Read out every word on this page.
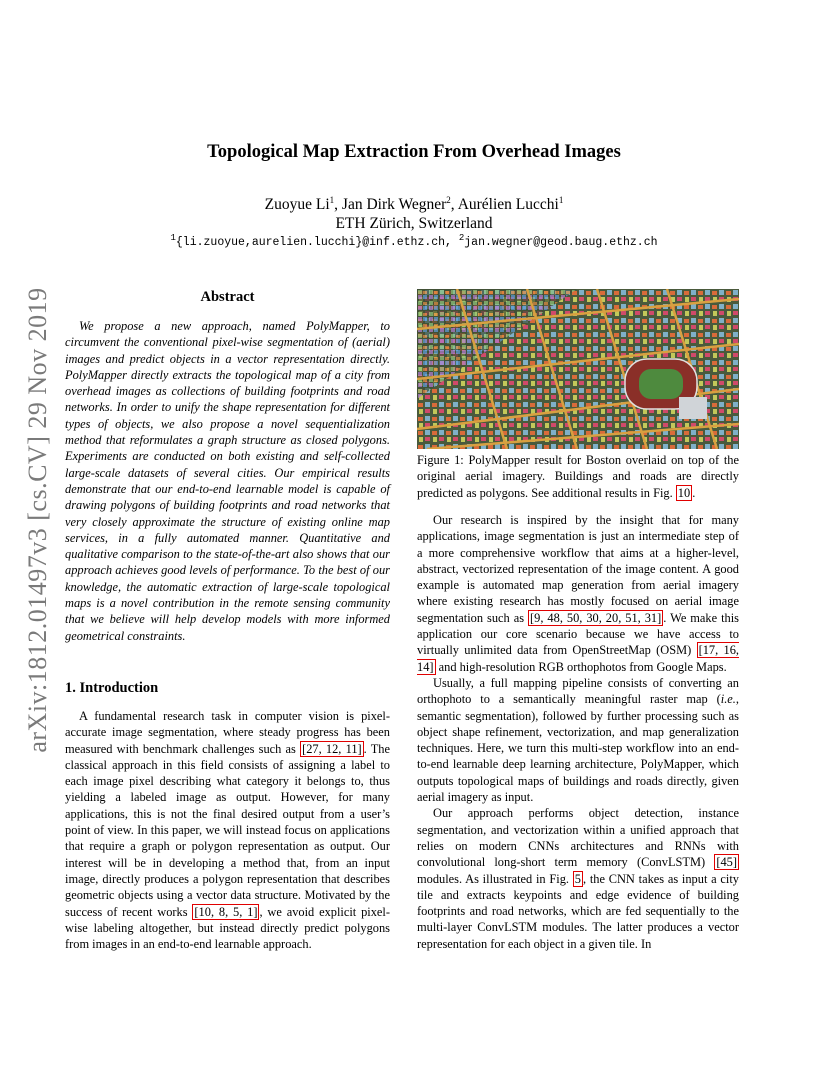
arXiv:1812.01497v3 [cs.CV] 29 Nov 2019
Topological Map Extraction From Overhead Images
Zuoyue Li$^1$, Jan Dirk Wegner$^2$, Aurélien Lucchi$^1$
ETH Zürich, Switzerland
$^1${li.zuoyue,aurelien.lucchi}@inf.ethz.ch, $^2$jan.wegner@geod.baug.ethz.ch
Abstract
We propose a new approach, named PolyMapper, to circumvent the conventional pixel-wise segmentation of (aerial) images and predict objects in a vector representation directly. PolyMapper directly extracts the topological map of a city from overhead images as collections of building footprints and road networks. In order to unify the shape representation for different types of objects, we also propose a novel sequentialization method that reformulates a graph structure as closed polygons. Experiments are conducted on both existing and self-collected large-scale datasets of several cities. Our empirical results demonstrate that our end-to-end learnable model is capable of drawing polygons of building footprints and road networks that very closely approximate the structure of existing online map services, in a fully automated manner. Quantitative and qualitative comparison to the state-of-the-art also shows that our approach achieves good levels of performance. To the best of our knowledge, the automatic extraction of large-scale topological maps is a novel contribution in the remote sensing community that we believe will help develop models with more informed geometrical constraints.
1. Introduction
A fundamental research task in computer vision is pixel-accurate image segmentation, where steady progress has been measured with benchmark challenges such as [27, 12, 11] . The classical approach in this field consists of assigning a label to each image pixel describing what category it belongs to, thus yielding a labeled image as output. However, for many applications, this is not the final desired output from a user’s point of view. In this paper, we will instead focus on applications that require a graph or polygon representation as output. Our interest will be in developing a method that, from an input image, directly produces a polygon representation that describes geometric objects using a vector data structure. Motivated by the success of recent works [10, 8, 5, 1] , we avoid explicit pixel-wise labeling altogether, but instead directly predict polygons from images in an end-to-end learnable approach.
Figure 1: PolyMapper result for Boston overlaid on top of the original aerial imagery. Buildings and roads are directly predicted as polygons. See additional results in Fig. 10 .

Our research is inspired by the insight that for many applications, image segmentation is just an intermediate step of a more comprehensive workflow that aims at a higher-level, abstract, vectorized representation of the image content. A good example is automated map generation from aerial imagery where existing research has mostly focused on aerial image segmentation such as [9, 48, 50, 30, 20, 51, 31] . We make this application our core scenario because we have access to virtually unlimited data from OpenStreetMap (OSM) [17, 16, 14] and high-resolution RGB orthophotos from Google Maps.

Usually, a full mapping pipeline consists of converting an orthophoto to a semantically meaningful raster map (i.e., semantic segmentation), followed by further processing such as object shape refinement, vectorization, and map generalization techniques. Here, we turn this multi-step workflow into an end-to-end learnable deep learning architecture, PolyMapper, which outputs topological maps of buildings and roads directly, given aerial imagery as input.

Our approach performs object detection, instance segmentation, and vectorization within a unified approach that relies on modern CNNs architectures and RNNs with convolutional long-short term memory (ConvLSTM) [45] modules. As illustrated in Fig. 5 , the CNN takes as input a city tile and extracts keypoints and edge evidence of building footprints and road networks, which are fed sequentially to the multi-layer ConvLSTM modules. The latter produces a vector representation for each object in a given tile. In
